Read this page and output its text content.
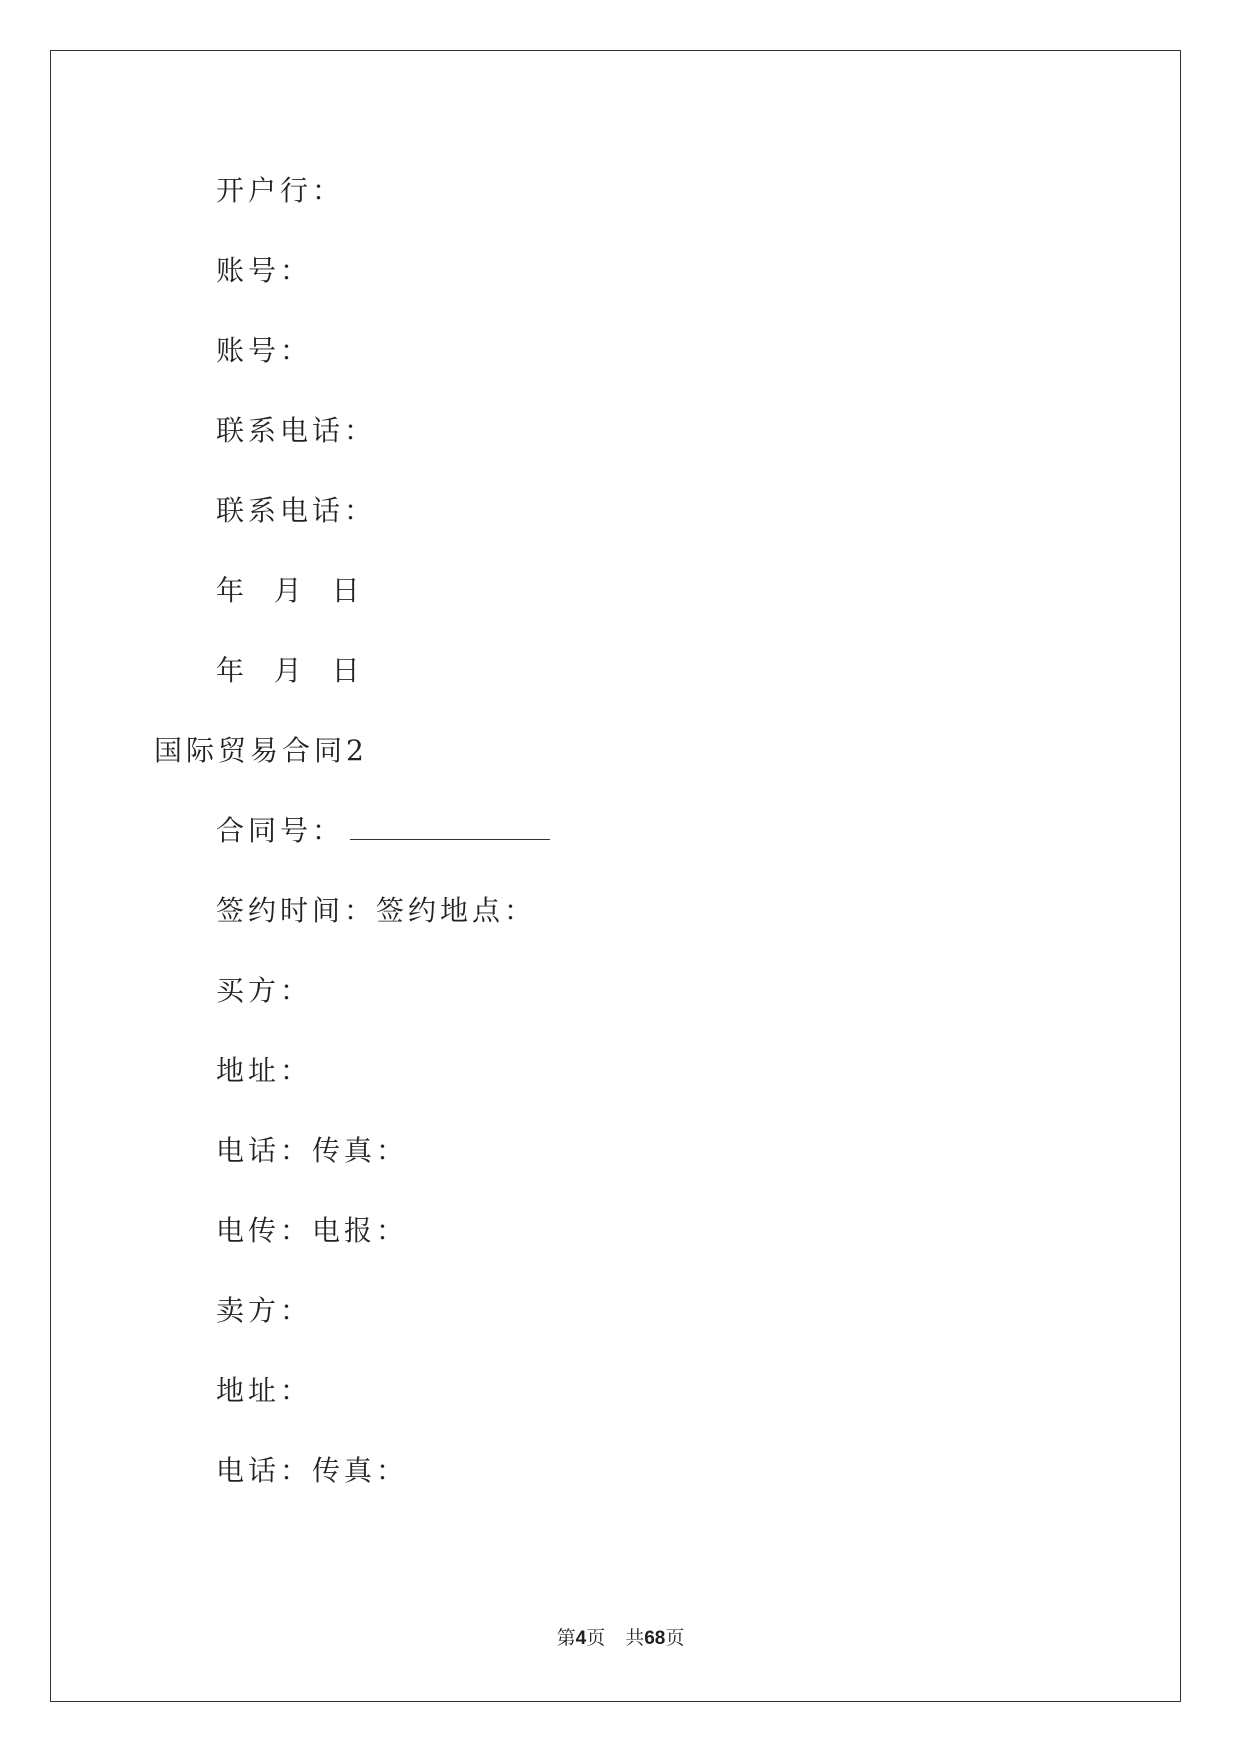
开户行：

账号：

账号：

联系电话：

联系电话：

年  月  日

年  月  日

国际贸易合同2

合同号：

签约时间：签约地点：

买方：

地址：

电话：传真：

电传：电报：

卖方：

地址：

电话：传真：

第4页 共68页
